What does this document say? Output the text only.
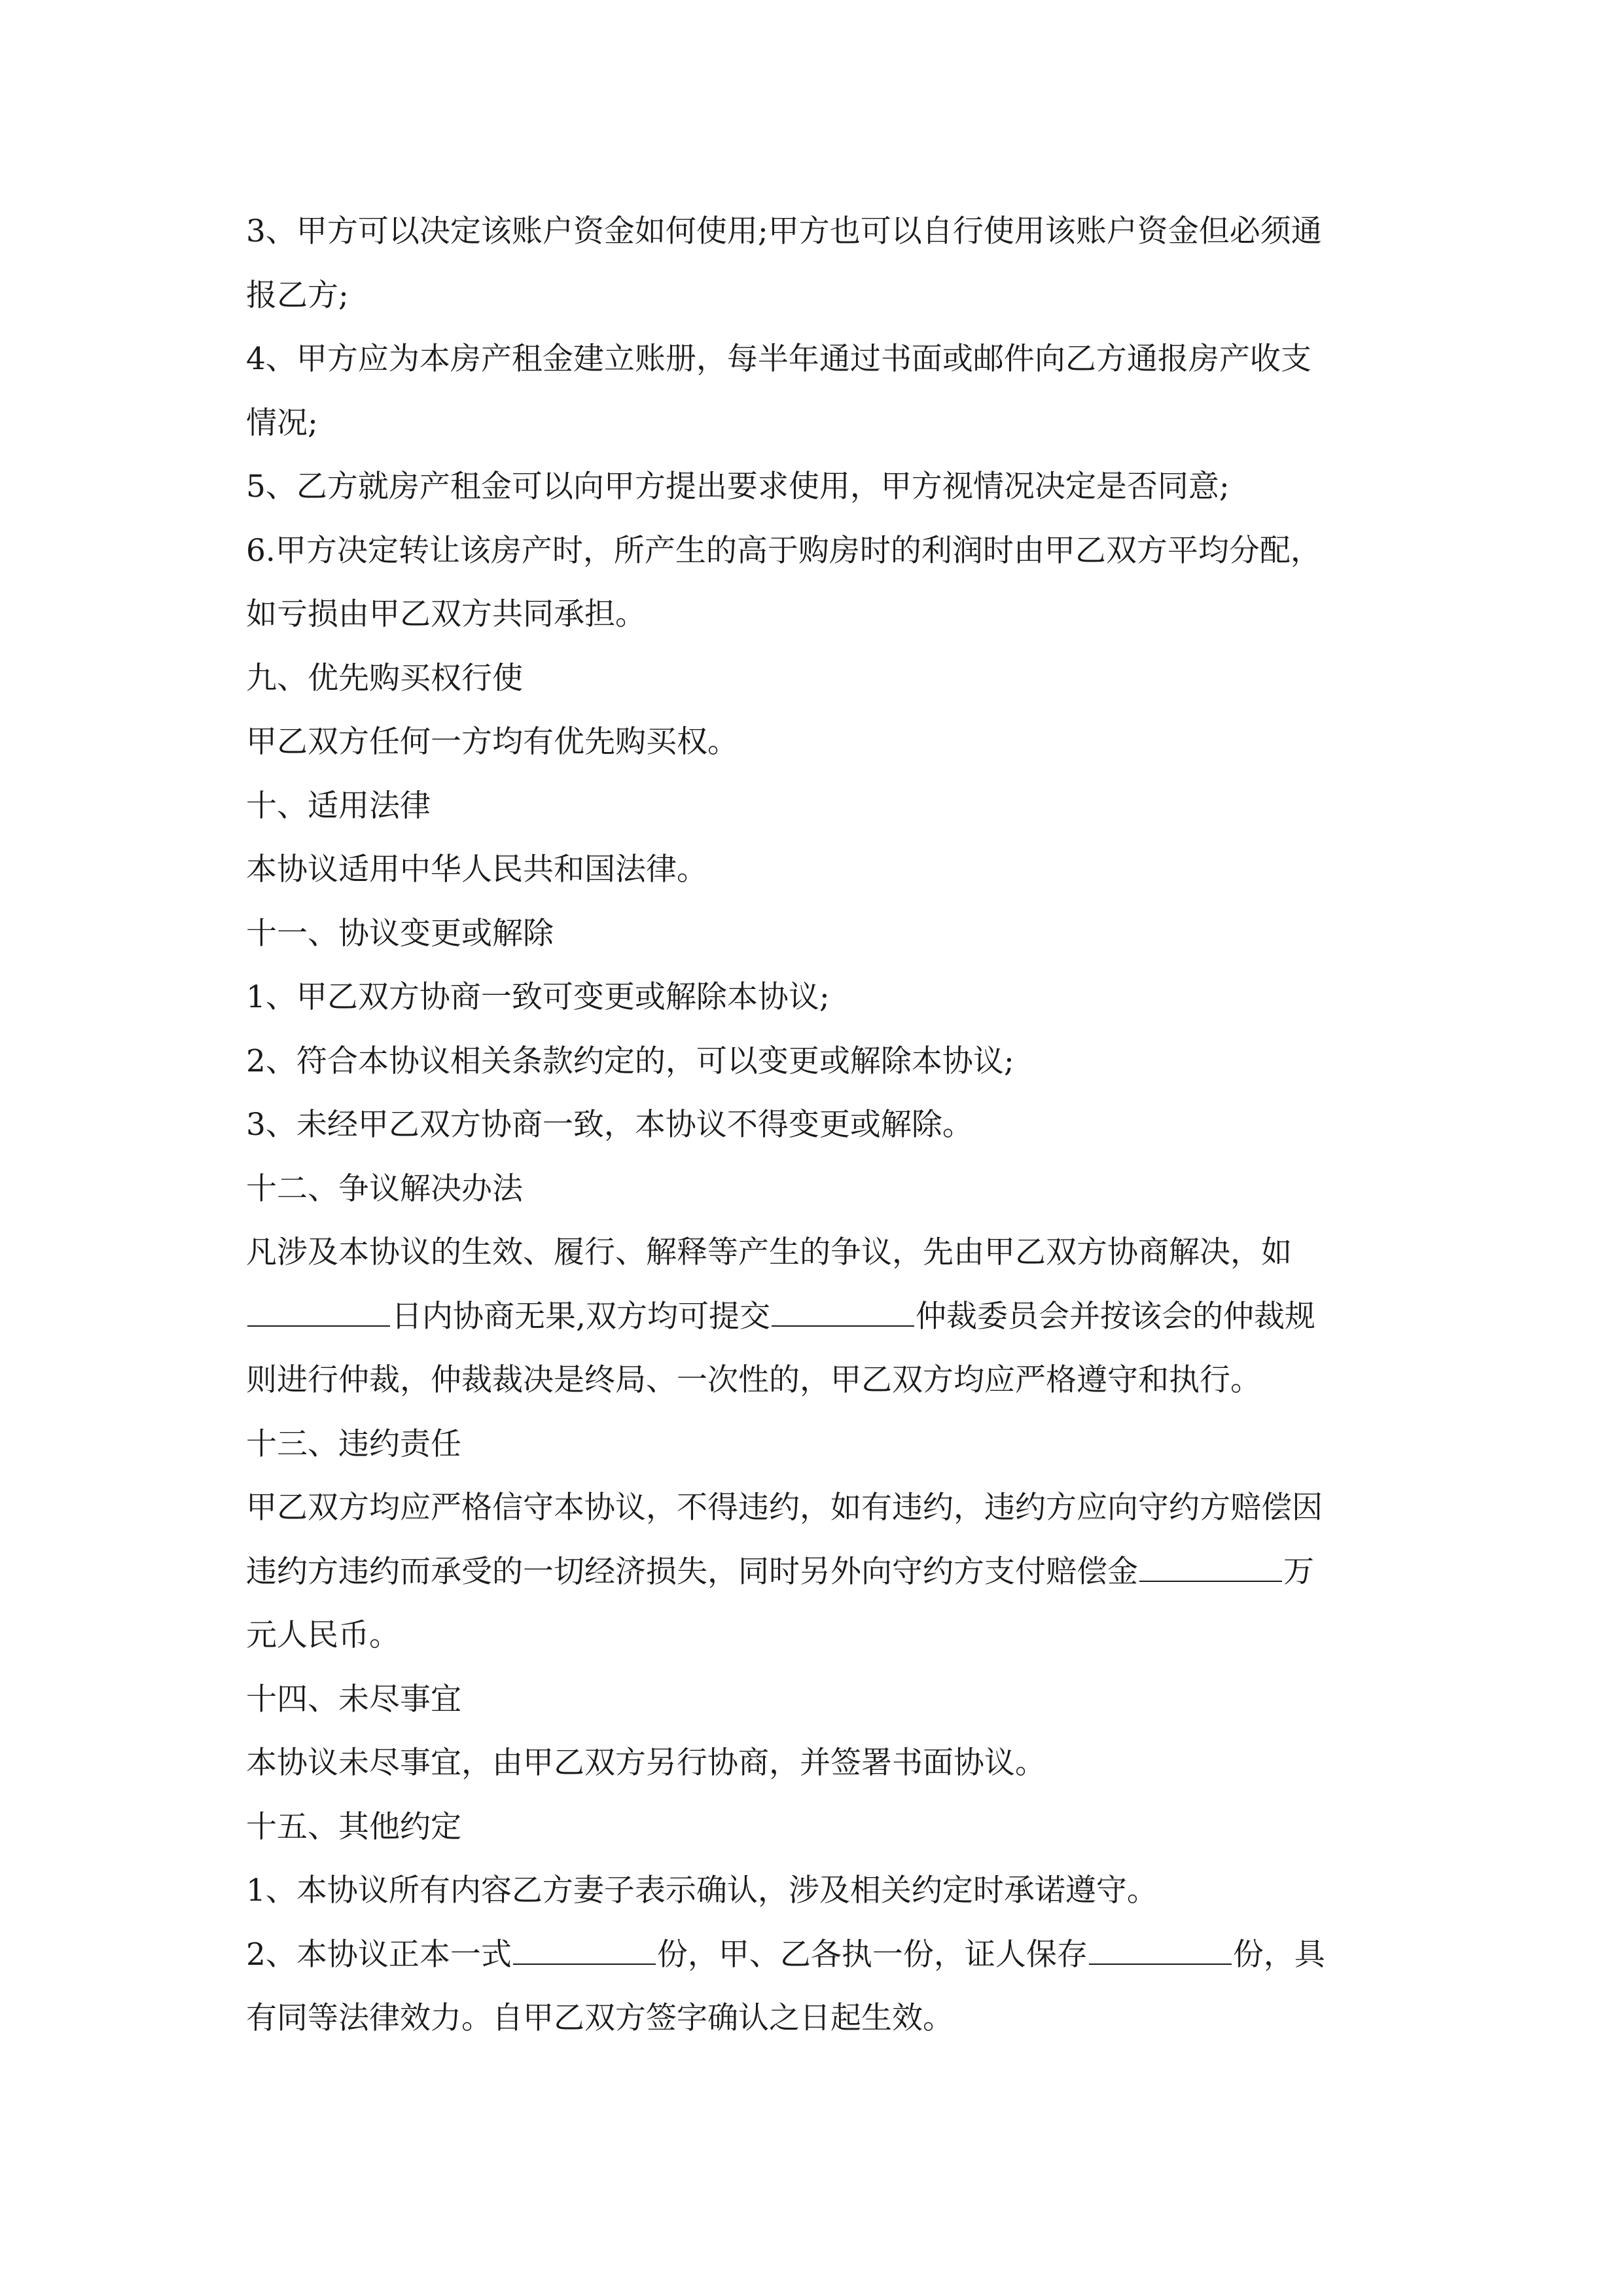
3、甲方可以决定该账户资金如何使用;甲方也可以自行使用该账户资金但必须通
报乙方;
4、甲方应为本房产租金建立账册，每半年通过书面或邮件向乙方通报房产收支
情况;
5、乙方就房产租金可以向甲方提出要求使用，甲方视情况决定是否同意;
6.甲方决定转让该房产时，所产生的高于购房时的利润时由甲乙双方平均分配，
如亏损由甲乙双方共同承担。
九、优先购买权行使
甲乙双方任何一方均有优先购买权。
十、适用法律
本协议适用中华人民共和国法律。
十一、协议变更或解除
1、甲乙双方协商一致可变更或解除本协议;
2、符合本协议相关条款约定的，可以变更或解除本协议;
3、未经甲乙双方协商一致，本协议不得变更或解除。
十二、争议解决办法
凡涉及本协议的生效、履行、解释等产生的争议，先由甲乙双方协商解决，如
日内协商无果,双方均可提交	仲裁委员会并按该会的仲裁规
则进行仲裁，仲裁裁决是终局、一次性的，甲乙双方均应严格遵守和执行。
十三、违约责任
甲乙双方均应严格信守本协议，不得违约，如有违约，违约方应向守约方赔偿因
违约方违约而承受的一切经济损失，同时另外向守约方支付赔偿金	万
元人民币。
十四、未尽事宜
本协议未尽事宜，由甲乙双方另行协商，并签署书面协议。
十五、其他约定
1、本协议所有内容乙方妻子表示确认，涉及相关约定时承诺遵守。
2、本协议正本一式	份，甲、乙各执一份，证人保存	份，具
有同等法律效力。自甲乙双方签字确认之日起生效。
